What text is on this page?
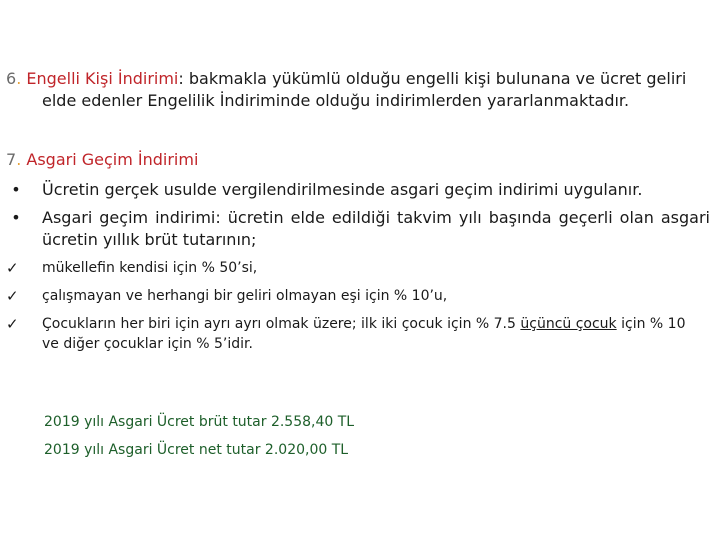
6. Engelli Kişi İndirimi: bakmakla yükümlü olduğu engelli kişi bulunana ve ücret geliri
elde edenler Engelilik İndiriminde olduğu indirimlerden yararlanmaktadır.
7. Asgari Geçim İndirimi
•	Ücretin gerçek usulde vergilendirilmesinde asgari geçim indirimi uygulanır.
•	Asgari geçim indirimi: ücretin elde edildiği takvim yılı başında geçerli olan asgari
ücretin yıllık brüt tutarının;
✓ mükellefin kendisi için % 50’si,
✓ çalışmayan ve herhangi bir geliri olmayan eşi için % 10’u,
✓ Çocukların her biri için ayrı ayrı olmak üzere; ilk iki çocuk için % 7.5 üçüncü çocuk için % 10
ve diğer çocuklar için % 5’idir.
2019 yılı Asgari Ücret brüt tutar 2.558,40 TL
2019 yılı Asgari Ücret net tutar 2.020,00 TL
